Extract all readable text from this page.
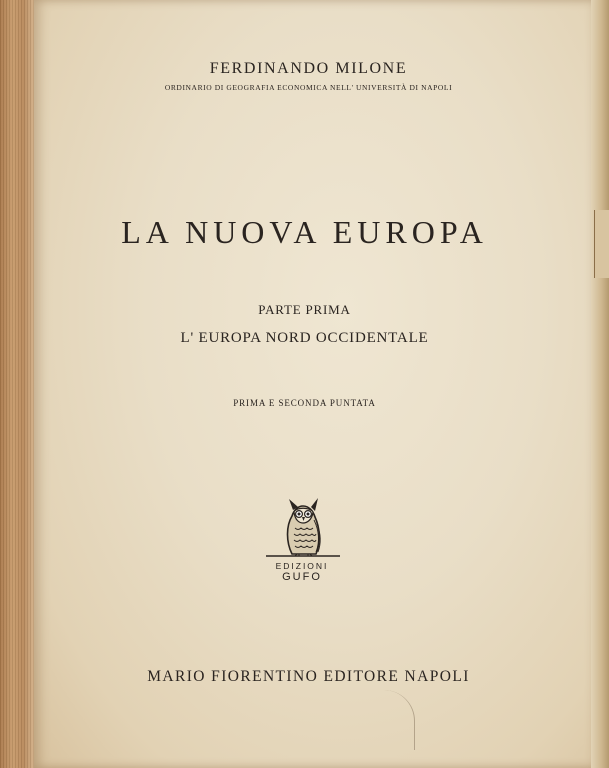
FERDINANDO MILONE
ORDINARIO DI GEOGRAFIA ECONOMICA NELL' UNIVERSITÀ DI NAPOLI
LA NUOVA EUROPA
PARTE PRIMA
L' EUROPA NORD OCCIDENTALE
PRIMA E SECONDA PUNTATA
EDIZIONI
GUFO
MARIO FIORENTINO EDITORE NAPOLI
